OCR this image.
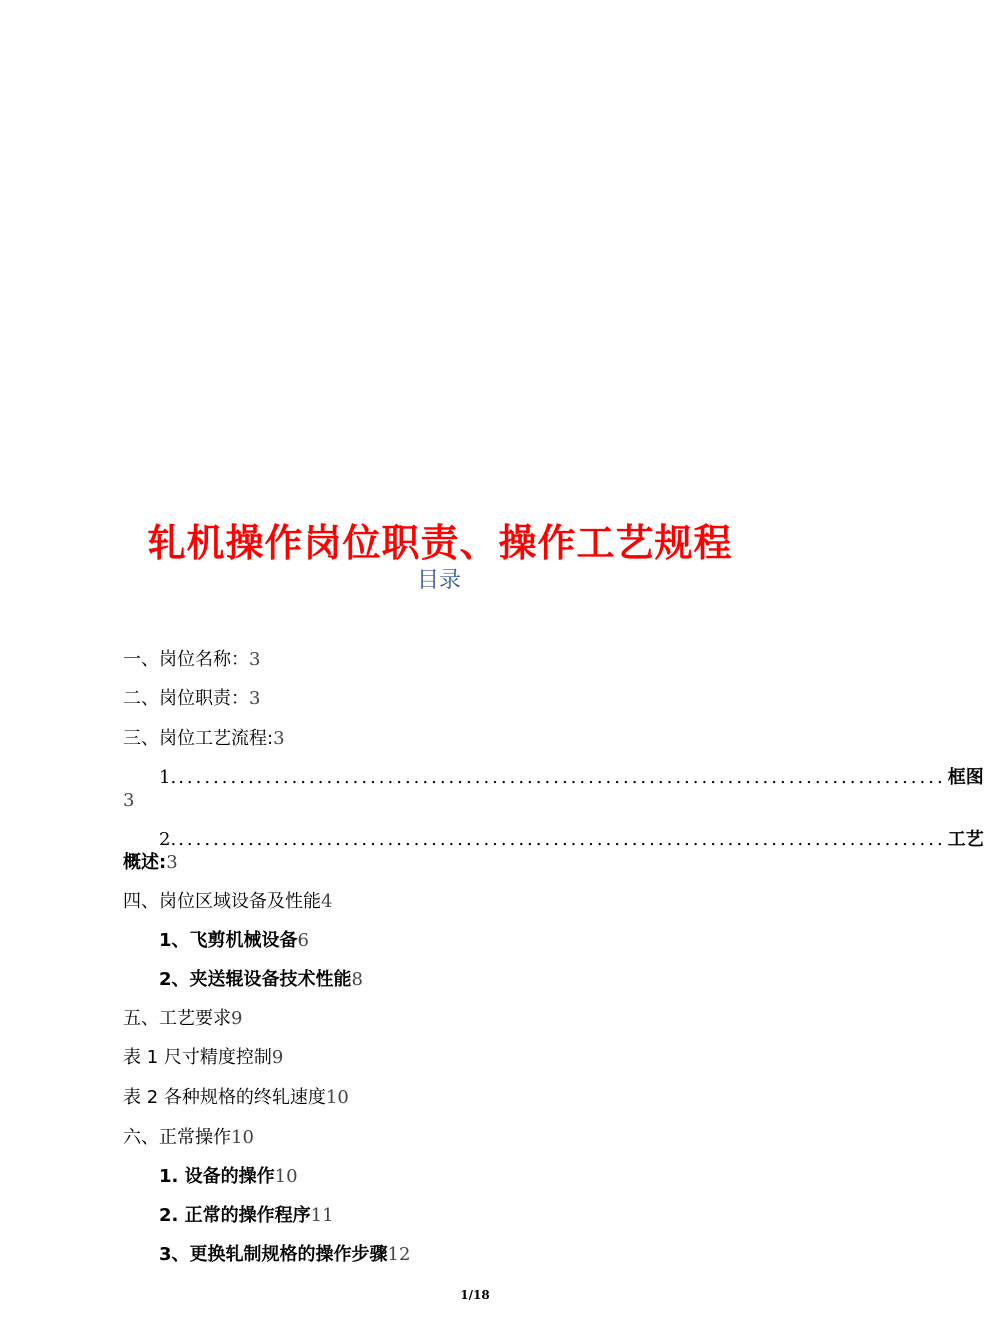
轧机操作岗位职责、操作工艺规程
目录
一、岗位名称：3
二、岗位职责：3
三、岗位工艺流程:3
1. ........................................................................................ 框图
3
2. ........................................................................................ 工艺
概述:3
四、岗位区域设备及性能4
1、飞剪机械设备6
2、夹送辊设备技术性能8
五、工艺要求9
表 1 尺寸精度控制9
表 2 各种规格的终轧速度10
六、正常操作10
1. 设备的操作10
2. 正常的操作程序11
3、更换轧制规格的操作步骤12
1/18
